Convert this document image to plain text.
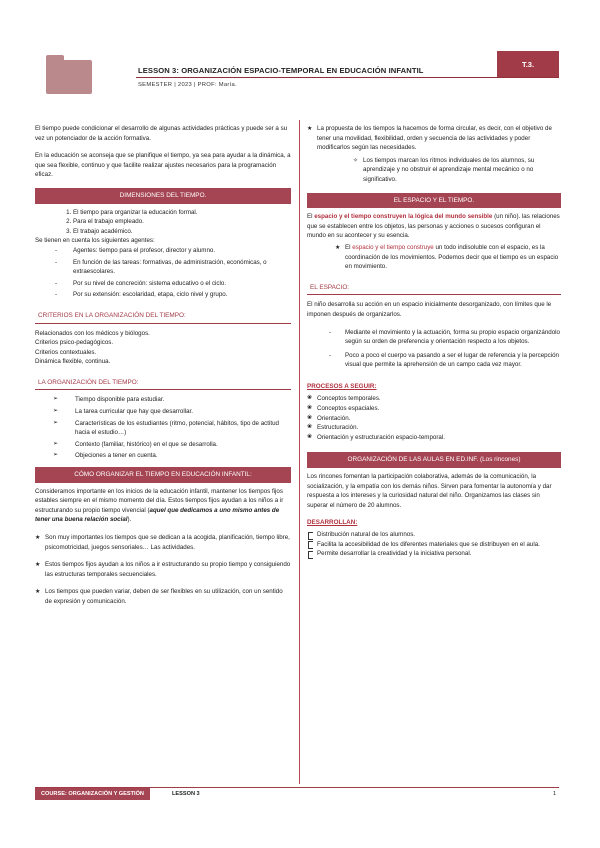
LESSON 3: ORGANIZACIÓN ESPACIO-TEMPORAL EN EDUCACIÓN INFANTIL
T.3.
SEMESTER | 2023 | PROF: María.

El tiempo puede condicionar el desarrollo de algunas actividades prácticas y puede ser a su vez un potenciador de la acción formativa.

En la educación se aconseja que se planifique el tiempo, ya sea para ayudar a la dinámica, a que sea flexible, continuo y que facilite realizar ajustes necesarios para la programación eficaz.

DIMENSIONES DEL TIEMPO.
1. El tiempo para organizar la educación formal.
2. Para el trabajo empleado.
3. El trabajo académico.
Se tienen en cuenta los siguientes agentes:
- Agentes: tiempo para el profesor, director y alumno.
- En función de las tareas: formativas, de administración, económicas, o extraescolares.
- Por su nivel de concreción: sistema educativo o el ciclo.
- Por su extensión: escolaridad, etapa, ciclo nivel y grupo.
CRITERIOS EN LA ORGANIZACIÓN DEL TIEMPO:
Relacionados con los médicos y biólogos.
Criterios psico-pedagógicos.
Criterios contextuales.
Dinámica flexible, continua.
LA ORGANIZACIÓN DEL TIEMPO:
➢ Tiempo disponible para estudiar.
➢ La tarea curricular que hay que desarrollar.
➢ Características de los estudiantes (ritmo, potencial, hábitos, tipo de actitud hacia el estudio…)
➢ Contexto (familiar, histórico) en el que se desarrolla.
➢ Objeciones a tener en cuenta.
CÓMO ORGANIZAR EL TIEMPO EN EDUCACIÓN INFANTIL:

Consideramos importante en los inicios de la educación infantil, mantener los tiempos fijos estables siempre en el mismo momento del día. Estos tiempos fijos ayudan a los niños a ir estructurando su propio tiempo vivencial (aquel que dedicamos a uno mismo antes de tener una buena relación social).

★ Son muy importantes los tiempos que se dedican a la acogida, planificación, tiempo libre, psicomotricidad, juegos sensoriales… Las actividades.

★ Estos tiempos fijos ayudan a los niños a ir estructurando su propio tiempo y consiguiendo las estructuras temporales secuenciales.

★ Los tiempos que pueden variar, deben de ser flexibles en su utilización, con un sentido de expresión y comunicación.

★ La propuesta de los tiempos la hacemos de forma circular, es decir, con el objetivo de tener una movilidad, flexibilidad, orden y secuencia de las actividades y poder modificarlos según las necesidades.

✧ Los tiempos marcan los ritmos individuales de los alumnos, su aprendizaje y no obstruir el aprendizaje mental mecánico o no significativo.

EL ESPACIO Y EL TIEMPO.

El espacio y el tiempo construyen la lógica del mundo sensible (un niño). las relaciones que se establecen entre los objetos, las personas y acciones o sucesos configuran el mundo en su acontecer y su esencia.

★ El espacio y el tiempo construye un todo indisoluble con el espacio, es la coordinación de los movimientos. Podemos decir que el tiempo es un espacio en movimiento.

EL ESPACIO:

El niño desarrolla su acción en un espacio inicialmente desorganizado, con límites que le imponen después de organizarlos.

- Mediante el movimiento y la actuación, forma su propio espacio organizándolo según su orden de preferencia y orientación respecto a los objetos.
- Poco a poco el cuerpo va pasando a ser el lugar de referencia y la percepción visual que permite la aprehensión de un campo cada vez mayor.
PROCESOS A SEGUIR:
❀ Conceptos temporales.
❀ Conceptos espaciales.
❀ Orientación.
❀ Estructuración.
❀ Orientación y estructuración espacio-temporal.
ORGANIZACIÓN DE LAS AULAS EN ED.INF. (Los rincones)

Los rincones fomentan la participación colaborativa, además de la comunicación, la socialización, y la empatía con los demás niños. Sirven para fomentar la autonomía y dar respuesta a los intereses y la curiosidad natural del niño. Organizamos las clases sin superar el número de 20 alumnos.

DESARROLLAN:
Distribución natural de los alumnos.
Facilita la accesibilidad de los diferentes materiales que se distribuyen en el aula.
Permite desarrollar la creatividad y la iniciativa personal.
COURSE: ORGANIZACIÓN Y GESTIÓN	LESSON 3	1
